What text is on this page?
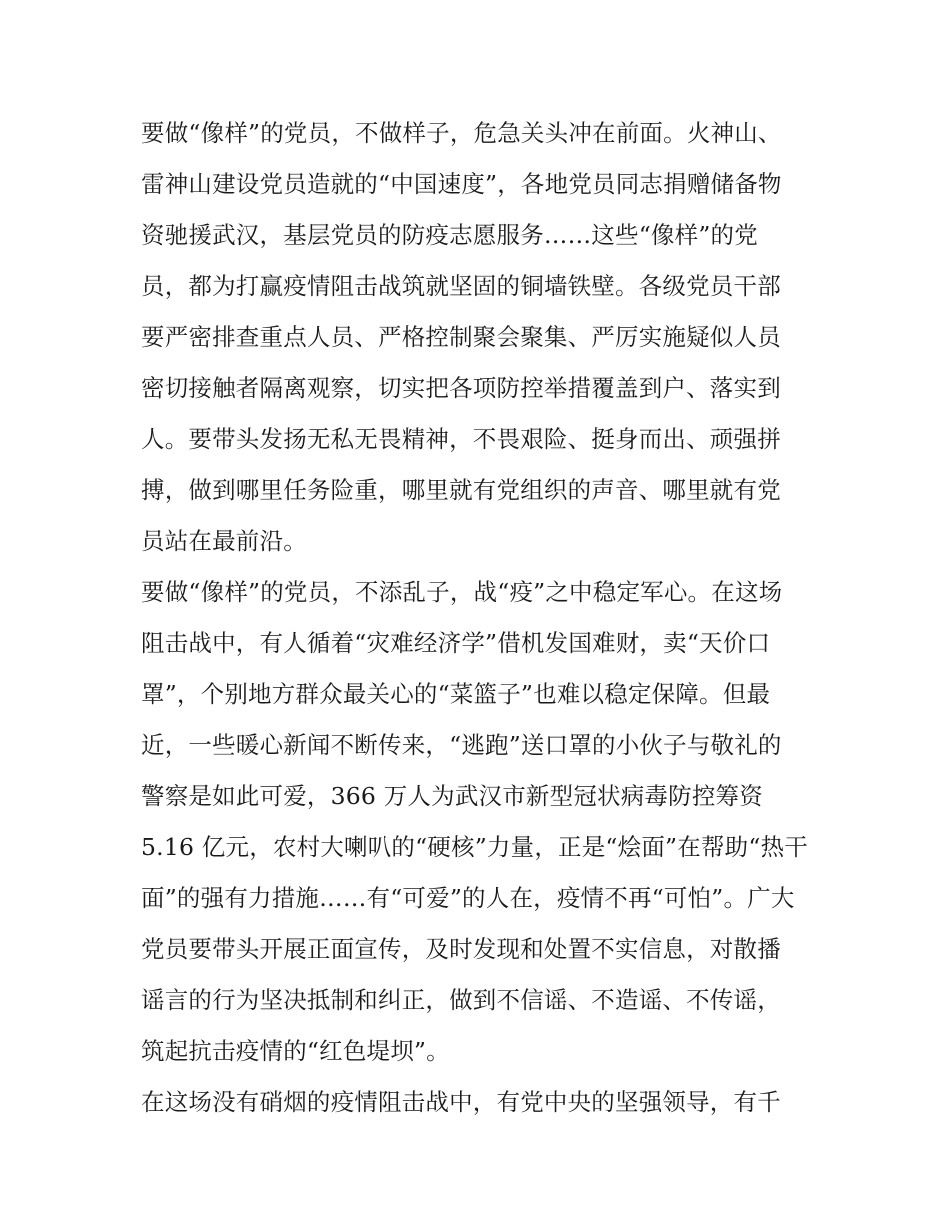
要做“像样”的党员，不做样子，危急关头冲在前面。火神山、
雷神山建设党员造就的“中国速度”，各地党员同志捐赠储备物
资驰援武汉，基层党员的防疫志愿服务……这些“像样”的党
员，都为打赢疫情阻击战筑就坚固的铜墙铁壁。各级党员干部
要严密排查重点人员、严格控制聚会聚集、严厉实施疑似人员
密切接触者隔离观察，切实把各项防控举措覆盖到户、落实到
人。要带头发扬无私无畏精神，不畏艰险、挺身而出、顽强拼
搏，做到哪里任务险重，哪里就有党组织的声音、哪里就有党
员站在最前沿。
要做“像样”的党员，不添乱子，战“疫”之中稳定军心。在这场
阻击战中，有人循着“灾难经济学”借机发国难财，卖“天价口
罩”，个别地方群众最关心的“菜篮子”也难以稳定保障。但最
近，一些暖心新闻不断传来，“逃跑”送口罩的小伙子与敬礼的
警察是如此可爱，366 万人为武汉市新型冠状病毒防控筹资
5.16 亿元，农村大喇叭的“硬核”力量，正是“烩面”在帮助“热干
面”的强有力措施……有“可爱”的人在，疫情不再“可怕”。广大
党员要带头开展正面宣传，及时发现和处置不实信息，对散播
谣言的行为坚决抵制和纠正，做到不信谣、不造谣、不传谣，
筑起抗击疫情的“红色堤坝”。
在这场没有硝烟的疫情阻击战中，有党中央的坚强领导，有千
